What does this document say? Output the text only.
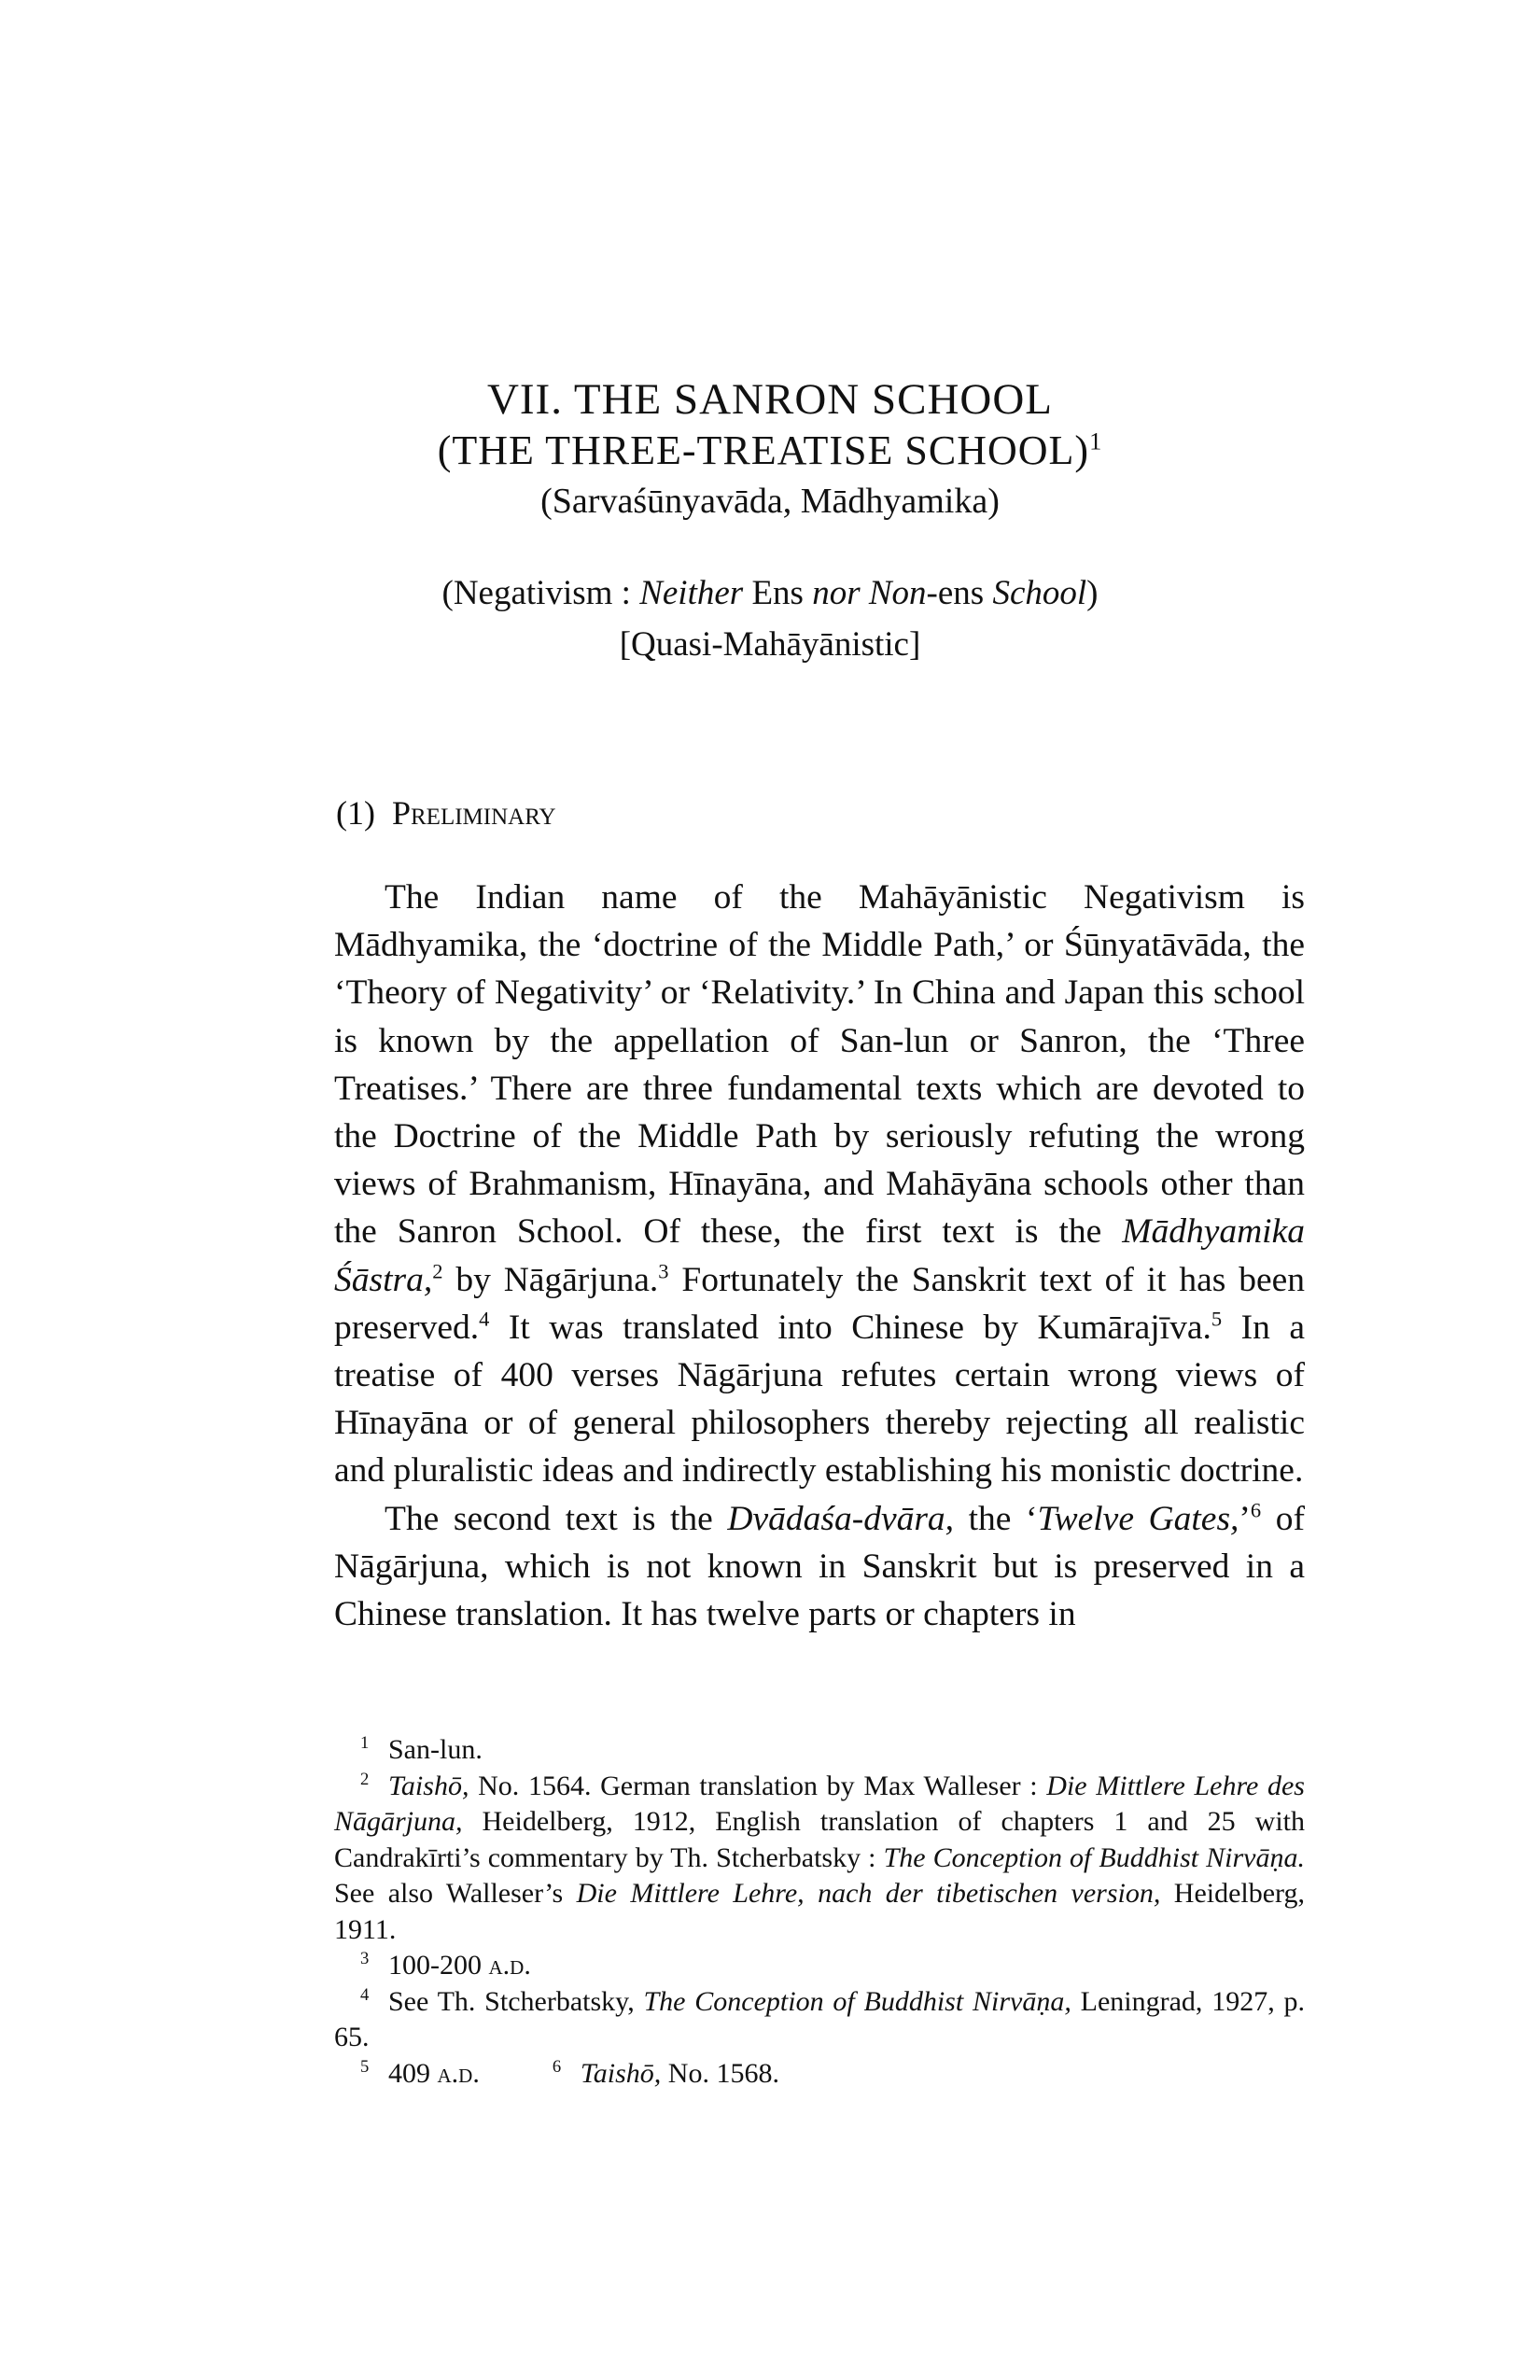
VII. THE SANRON SCHOOL
(THE THREE-TREATISE SCHOOL)$^1$
(Sarvaśūnyavāda, Mādhyamika)
(Negativism : Neither Ens nor Non-ens School)
[Quasi-Mahāyānistic]
(1) Preliminary

The Indian name of the Mahāyānistic Negativism is Mādhyamika, the ‘doctrine of the Middle Path,’ or Śūnyatāvāda, the ‘Theory of Negativity’ or ‘Relativity.’ In China and Japan this school is known by the appellation of San-lun or Sanron, the ‘Three Treatises.’ There are three fundamental texts which are devoted to the Doctrine of the Middle Path by seriously refuting the wrong views of Brahmanism, Hīnayāna, and Mahāyāna schools other than the Sanron School. Of these, the first text is the Mādhyamika Śāstra,$^2$ by Nāgārjuna.$^3$ Fortunately the Sanskrit text of it has been preserved.$^4$ It was translated into Chinese by Kumārajīva.$^5$ In a treatise of 400 verses Nāgārjuna refutes certain wrong views of Hīnayāna or of general philosophers thereby rejecting all realistic and pluralistic ideas and indirectly establishing his monistic doctrine.

The second text is the Dvādaśa-dvāra, the ‘Twelve Gates,’$^6$ of Nāgārjuna, which is not known in Sanskrit but is preserved in a Chinese translation. It has twelve parts or chapters in

1 San-lun.

2 Taishō, No. 1564. German translation by Max Walleser : Die Mittlere Lehre des Nāgārjuna, Heidelberg, 1912, English translation of chapters 1 and 25 with Candrakīrti’s commentary by Th. Stcherbatsky : The Conception of Buddhist Nirvāṇa. See also Walleser’s Die Mittlere Lehre, nach der tibetischen version, Heidelberg, 1911.

3 100-200 a.d.

4 See Th. Stcherbatsky, The Conception of Buddhist Nirvāṇa, Leningrad, 1927, p. 65.

5 409 a.d.	6 Taishō, No. 1568.
